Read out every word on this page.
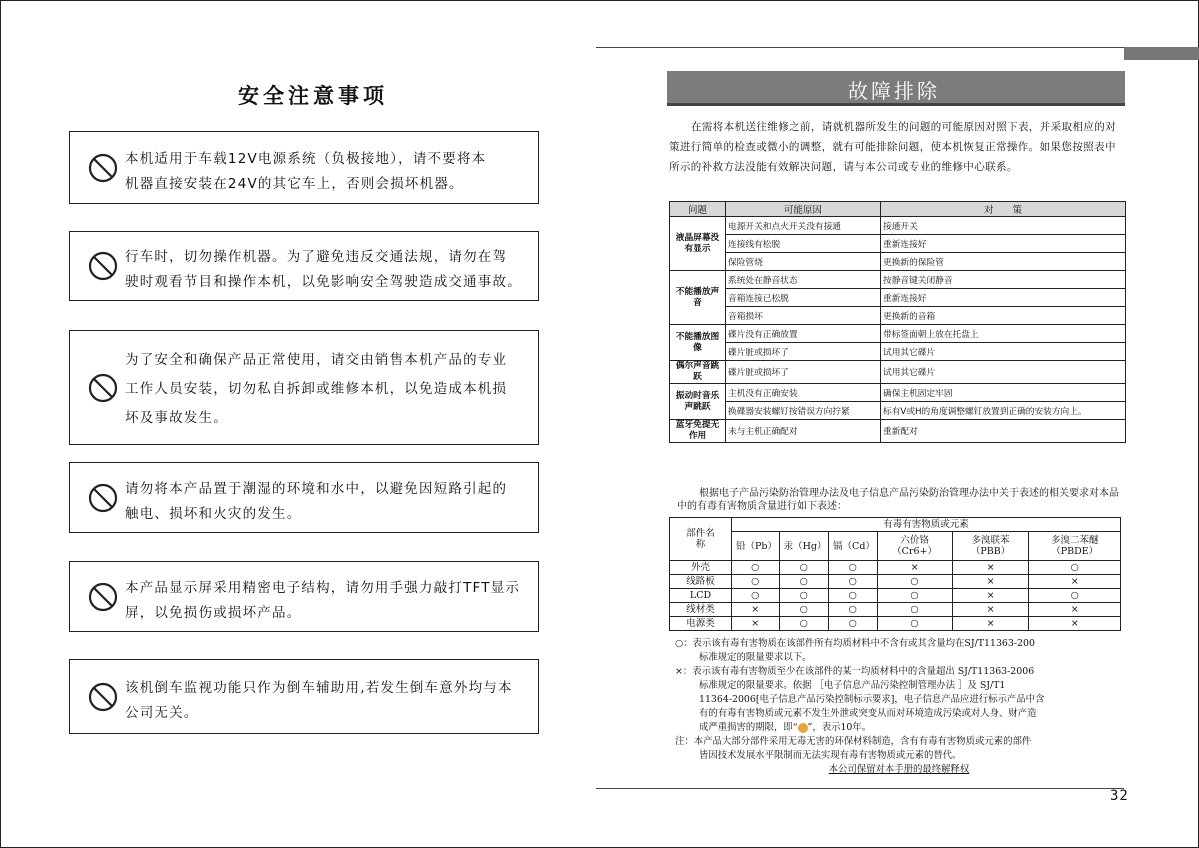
安全注意事项
本机适用于车载12V电源系统（负极接地），请不要将本
机器直接安装在24V的其它车上，否则会损坏机器。
行车时，切勿操作机器。为了避免违反交通法规，请勿在驾
驶时观看节目和操作本机，以免影响安全驾驶造成交通事故。
为了安全和确保产品正常使用，请交由销售本机产品的专业
工作人员安装，切勿私自拆卸或维修本机，以免造成本机损
坏及事故发生。
请勿将本产品置于潮湿的环境和水中，以避免因短路引起的
触电、损坏和火灾的发生。
本产品显示屏采用精密电子结构，请勿用手强力敲打TFT显示
屏，以免损伤或损坏产品。
该机倒车监视功能只作为倒车辅助用,若发生倒车意外均与本
公司无关。
故障排除

在需将本机送往维修之前，请就机器所发生的问题的可能原因对照下表，并采取相应的对策进行简单的检查或微小的调整，就有可能排除问题，使本机恢复正常操作。如果您按照表中所示的补救方法没能有效解决问题，请与本公司或专业的维修中心联系。

问题	可能原因	对　　策
液晶屏幕没有显示	电源开关和点火开关没有接通	接通开关
	连接线有松脱	重新连接好
	保险管烧	更换新的保险管
不能播放声音	系统处在静音状态	按静音键关闭静音
	音箱连接已松脱	重新连接好
	音箱损坏	更换新的音箱
不能播放图像	碟片没有正确放置	带标签面朝上放在托盘上
	碟片脏或损坏了	试用其它碟片
偶尔声音跳跃	碟片脏或损坏了	试用其它碟片
振动时音乐声跳跃	主机没有正确安装	确保主机固定牢固
	换碟器安装螺钉按错误方向拧紧	标有V或H的角度调整螺钉放置到正确的安装方向上。
蓝牙免提无作用	未与主机正确配对	重新配对

根据电子产品污染防治管理办法及电子信息产品污染防治管理办法中关于表述的相关要求对本品中的有毒有害物质含量进行如下表述：

部件名称	有毒有害物质或元素					
	铅（Pb）	汞（Hg）	镉（Cd）	六价铬（Cr6+）	多溴联苯（PBB）	多溴二苯醚（PBDE）
外壳	○	○	○	×	×	○
线路板	○	○	○	○	×	×
LCD	○	○	○	○	×	○
线材类	×	○	○	○	×	×
电源类	×	○	○	○	×	×

○：表示该有毒有害物质在该部件所有均质材料中不含有或其含量均在SJ/T11363-200

标准规定的限量要求以下。

×：表示该有毒有害物质至少在该部件的某一均质材料中的含量超出 SJ/T11363-2006

标准规定的限量要求。依据 ［电子信息产品污染控制管理办法 ］及 SJ/T1

11364-2006[电子信息产品污染控制标示要求]，电子信息产品应进行标示产品中含

有的有毒有害物质或元素不发生外泄或突变从而对环境造成污染或对人身、财产造

成严重损害的期限，即“ ”，表示10年。

注：本产品大部分部件采用无毒无害的环保材料制造，含有有毒有害物质或元素的部件

皆因技术发展水平限制而无法实现有毒有害物质或元素的替代。

本公司保留对本手册的最终解释权

32
